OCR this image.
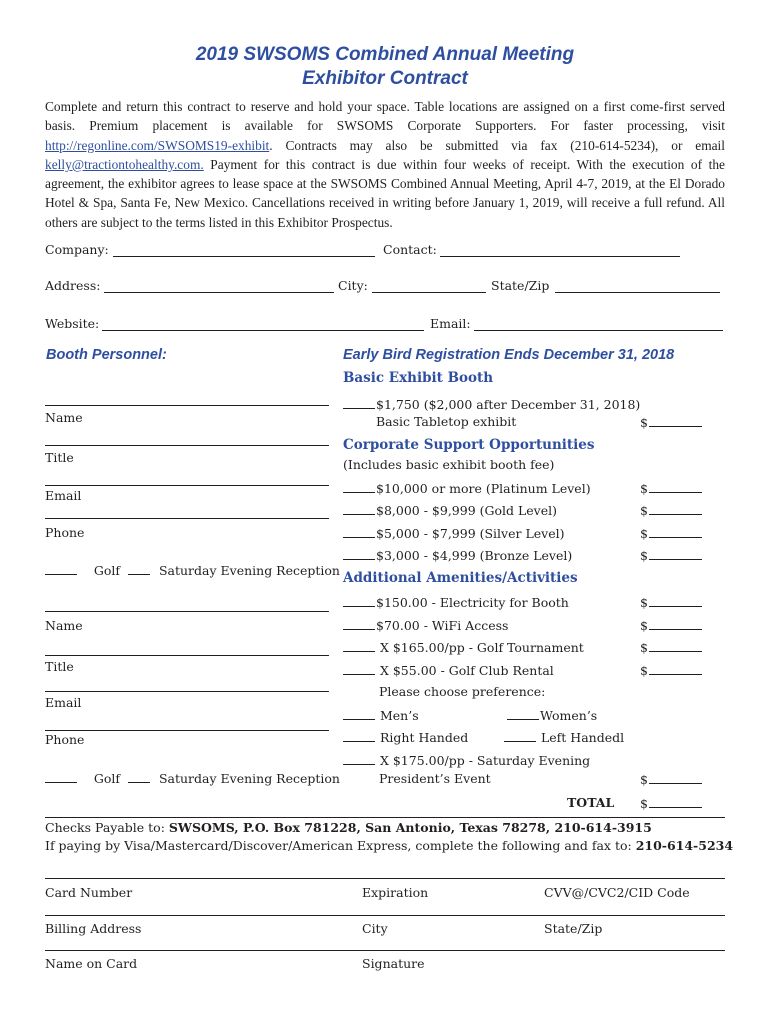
2019 SWSOMS Combined Annual Meeting
Exhibitor Contract
Complete and return this contract to reserve and hold your space. Table locations are assigned on a first come-first served basis. Premium placement is available for SWSOMS Corporate Supporters. For faster processing, visit http://regonline.com/SWSOMS19-exhibit. Contracts may also be submitted via fax (210-614-5234), or email kelly@tractiontohealthy.com. Payment for this contract is due within four weeks of receipt. With the execution of the agreement, the exhibitor agrees to lease space at the SWSOMS Combined Annual Meeting, April 4-7, 2019, at the El Dorado Hotel & Spa, Santa Fe, New Mexico. Cancellations received in writing before January 1, 2019, will receive a full refund. All others are subject to the terms listed in this Exhibitor Prospectus.
Company:	Contact:
Address:	City:	State/Zip
Website:	Email:
Booth Personnel:
Name
Title
Email
Phone
Golf	Saturday Evening Reception
Name
Title
Email
Phone
Golf	Saturday Evening Reception
Early Bird Registration Ends December 31, 2018
Basic Exhibit Booth
$1,750 ($2,000 after December 31, 2018)
Basic Tabletop exhibit	$
Corporate Support Opportunities
(Includes basic exhibit booth fee)
$10,000 or more (Platinum Level)	$
$8,000 - $9,999 (Gold Level)	$
$5,000 - $7,999 (Silver Level)	$
$3,000 - $4,999 (Bronze Level)	$
Additional Amenities/Activities
$150.00 - Electricity for Booth	$
$70.00 - WiFi Access	$
X $165.00/pp - Golf Tournament	$
X $55.00 - Golf Club Rental	$
Please choose preference:
Men’s	Women’s
Right Handed	Left Handedl
X $175.00/pp - Saturday Evening
President’s Event	$
TOTAL $
Checks Payable to: SWSOMS, P.O. Box 781228, San Antonio, Texas 78278, 210-614-3915
If paying by Visa/Mastercard/Discover/American Express, complete the following and fax to: 210-614-5234
Card Number	Expiration	CVV@/CVC2/CID Code
Billing Address	City	State/Zip
Name on Card	Signature
